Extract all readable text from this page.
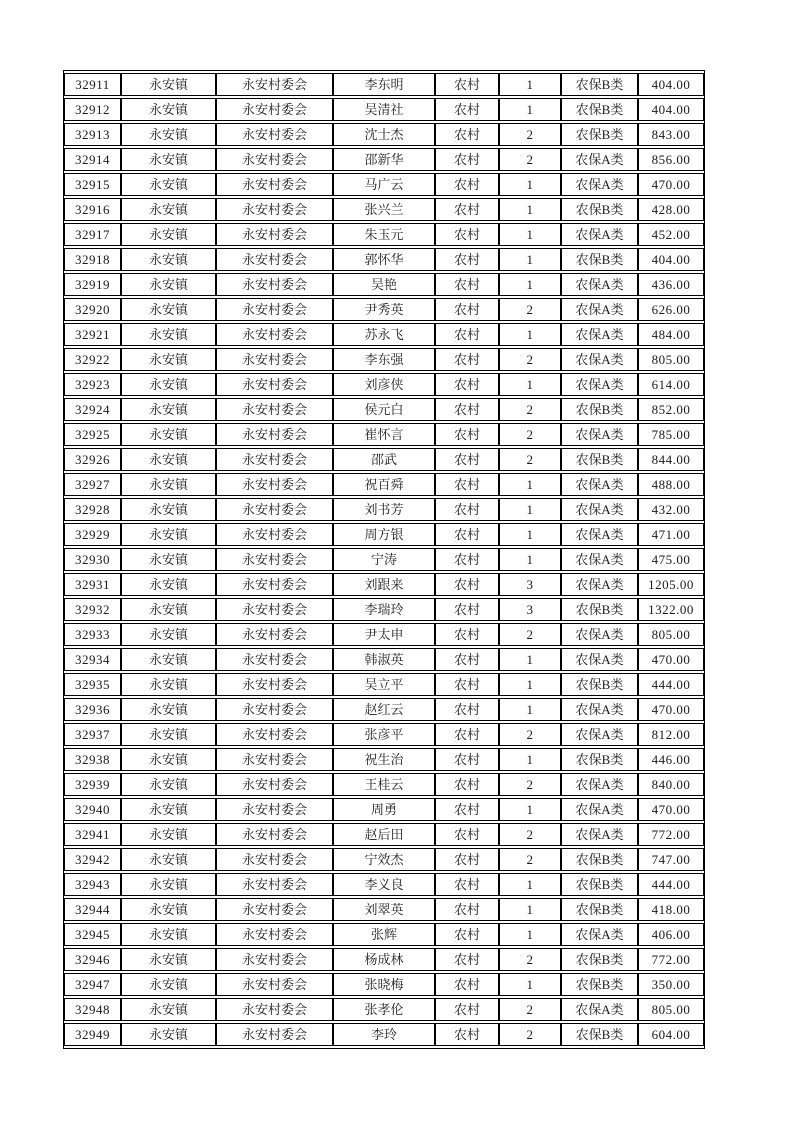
32911	永安镇	永安村委会	李东明	农村	1	农保B类	404.00
32912	永安镇	永安村委会	吴清社	农村	1	农保B类	404.00
32913	永安镇	永安村委会	沈士杰	农村	2	农保B类	843.00
32914	永安镇	永安村委会	邵新华	农村	2	农保A类	856.00
32915	永安镇	永安村委会	马广云	农村	1	农保A类	470.00
32916	永安镇	永安村委会	张兴兰	农村	1	农保B类	428.00
32917	永安镇	永安村委会	朱玉元	农村	1	农保A类	452.00
32918	永安镇	永安村委会	郭怀华	农村	1	农保B类	404.00
32919	永安镇	永安村委会	吴艳	农村	1	农保A类	436.00
32920	永安镇	永安村委会	尹秀英	农村	2	农保A类	626.00
32921	永安镇	永安村委会	苏永飞	农村	1	农保A类	484.00
32922	永安镇	永安村委会	李东强	农村	2	农保A类	805.00
32923	永安镇	永安村委会	刘彦侠	农村	1	农保A类	614.00
32924	永安镇	永安村委会	侯元白	农村	2	农保B类	852.00
32925	永安镇	永安村委会	崔怀言	农村	2	农保A类	785.00
32926	永安镇	永安村委会	邵武	农村	2	农保B类	844.00
32927	永安镇	永安村委会	祝百舜	农村	1	农保A类	488.00
32928	永安镇	永安村委会	刘书芳	农村	1	农保A类	432.00
32929	永安镇	永安村委会	周方银	农村	1	农保A类	471.00
32930	永安镇	永安村委会	宁涛	农村	1	农保A类	475.00
32931	永安镇	永安村委会	刘跟来	农村	3	农保A类	1205.00
32932	永安镇	永安村委会	李瑞玲	农村	3	农保B类	1322.00
32933	永安镇	永安村委会	尹太申	农村	2	农保A类	805.00
32934	永安镇	永安村委会	韩淑英	农村	1	农保A类	470.00
32935	永安镇	永安村委会	吴立平	农村	1	农保B类	444.00
32936	永安镇	永安村委会	赵红云	农村	1	农保A类	470.00
32937	永安镇	永安村委会	张彦平	农村	2	农保A类	812.00
32938	永安镇	永安村委会	祝生治	农村	1	农保B类	446.00
32939	永安镇	永安村委会	王桂云	农村	2	农保A类	840.00
32940	永安镇	永安村委会	周勇	农村	1	农保A类	470.00
32941	永安镇	永安村委会	赵后田	农村	2	农保A类	772.00
32942	永安镇	永安村委会	宁效杰	农村	2	农保B类	747.00
32943	永安镇	永安村委会	李义良	农村	1	农保B类	444.00
32944	永安镇	永安村委会	刘翠英	农村	1	农保B类	418.00
32945	永安镇	永安村委会	张辉	农村	1	农保A类	406.00
32946	永安镇	永安村委会	杨成林	农村	2	农保B类	772.00
32947	永安镇	永安村委会	张晓梅	农村	1	农保B类	350.00
32948	永安镇	永安村委会	张孝伦	农村	2	农保A类	805.00
32949	永安镇	永安村委会	李玲	农村	2	农保B类	604.00
